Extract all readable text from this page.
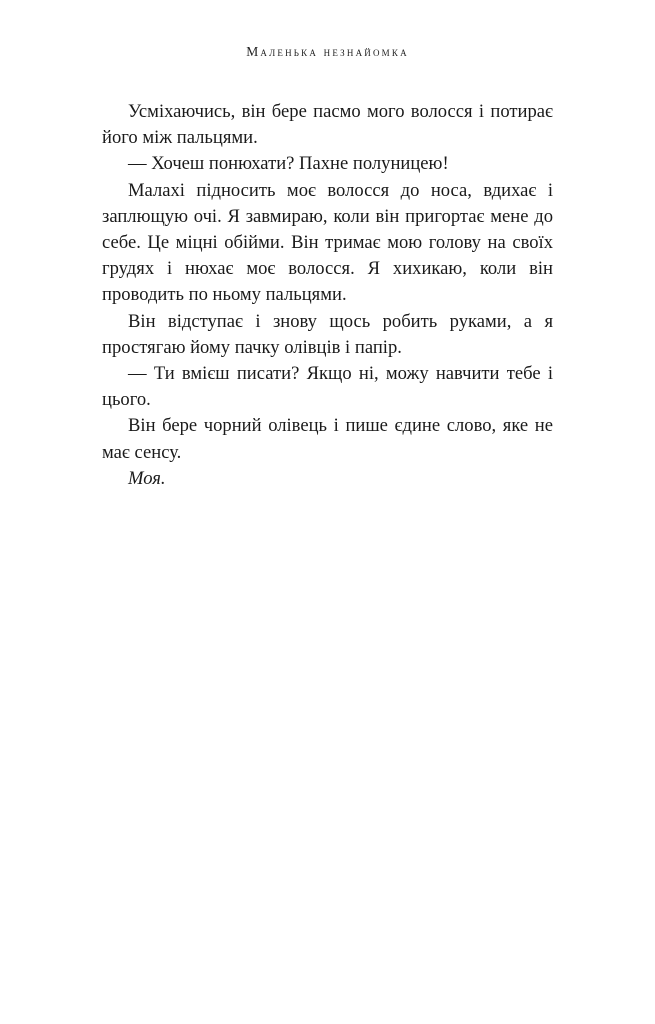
Маленька незнайомка

Усміхаючись, він бере пасмо мого волосся і потирає його між пальцями.

— Хочеш понюхати? Пахне полуницею!

Малахі підносить моє волосся до носа, вдихає і заплющую очі. Я завмираю, коли він пригортає мене до себе. Це міцні обійми. Він тримає мою голову на своїх грудях і нюхає моє волосся. Я хихикаю, коли він проводить по ньому пальцями.

Він відступає і знову щось робить руками, а я простягаю йому пачку олівців і папір.

— Ти вмієш писати? Якщо ні, можу навчити тебе і цього.

Він бере чорний олівець і пише єдине слово, яке не має сенсу.

Моя.
